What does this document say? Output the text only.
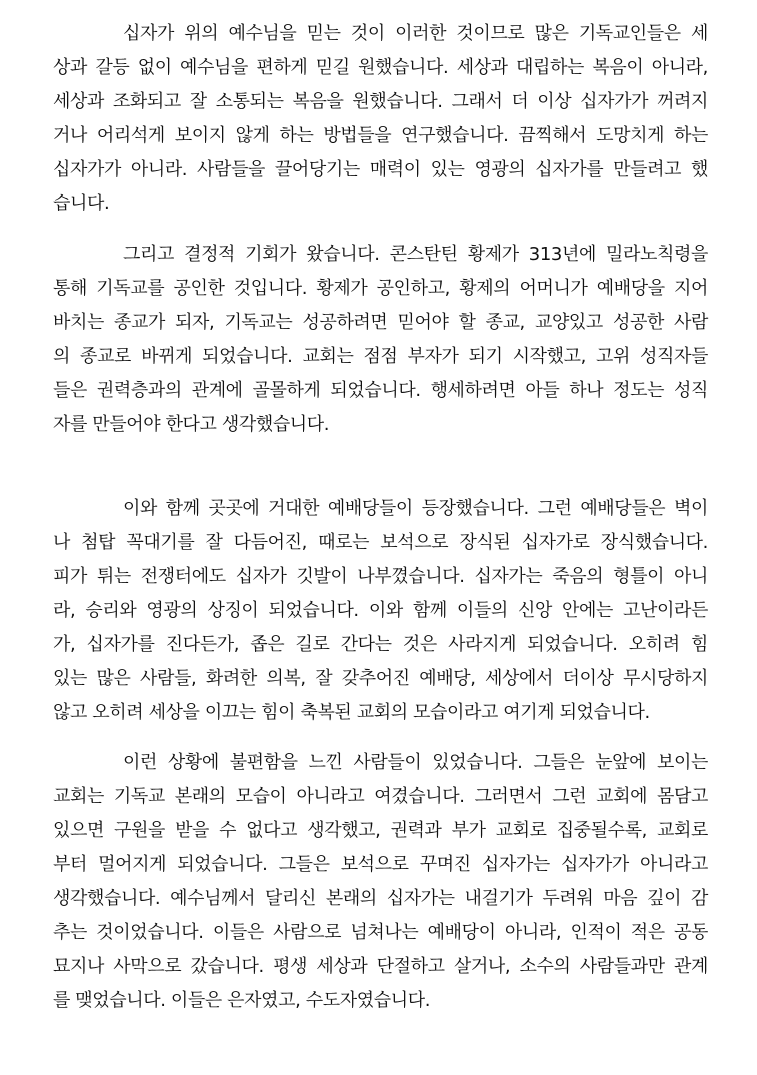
십자가 위의 예수님을 믿는 것이 이러한 것이므로 많은 기독교인들은 세
상과 갈등 없이 예수님을 편하게 믿길 원했습니다. 세상과 대립하는 복음이 아니라,
세상과 조화되고 잘 소통되는 복음을 원했습니다. 그래서 더 이상 십자가가 꺼려지
거나 어리석게 보이지 않게 하는 방법들을 연구했습니다. 끔찍해서 도망치게 하는
십자가가 아니라. 사람들을 끌어당기는 매력이 있는 영광의 십자가를 만들려고 했
습니다.
그리고 결정적 기회가 왔습니다. 콘스탄틴 황제가 313년에 밀라노칙령을
통해 기독교를 공인한 것입니다. 황제가 공인하고, 황제의 어머니가 예배당을 지어
바치는 종교가 되자, 기독교는 성공하려면 믿어야 할 종교, 교양있고 성공한 사람
의 종교로 바뀌게 되었습니다. 교회는 점점 부자가 되기 시작했고, 고위 성직자들
들은 권력층과의 관계에 골몰하게 되었습니다. 행세하려면 아들 하나 정도는 성직
자를 만들어야 한다고 생각했습니다.
이와 함께 곳곳에 거대한 예배당들이 등장했습니다. 그런 예배당들은 벽이
나 첨탑 꼭대기를 잘 다듬어진, 때로는 보석으로 장식된 십자가로 장식했습니다.
피가 튀는 전쟁터에도 십자가 깃발이 나부꼈습니다. 십자가는 죽음의 형틀이 아니
라, 승리와 영광의 상징이 되었습니다. 이와 함께 이들의 신앙 안에는 고난이라든
가, 십자가를 진다든가, 좁은 길로 간다는 것은 사라지게 되었습니다. 오히려 힘
있는 많은 사람들, 화려한 의복, 잘 갖추어진 예배당, 세상에서 더이상 무시당하지
않고 오히려 세상을 이끄는 힘이 축복된 교회의 모습이라고 여기게 되었습니다.
이런 상황에 불편함을 느낀 사람들이 있었습니다. 그들은 눈앞에 보이는
교회는 기독교 본래의 모습이 아니라고 여겼습니다. 그러면서 그런 교회에 몸담고
있으면 구원을 받을 수 없다고 생각했고, 권력과 부가 교회로 집중될수록, 교회로
부터 멀어지게 되었습니다. 그들은 보석으로 꾸며진 십자가는 십자가가 아니라고
생각했습니다. 예수님께서 달리신 본래의 십자가는 내걸기가 두려워 마음 깊이 감
추는 것이었습니다. 이들은 사람으로 넘쳐나는 예배당이 아니라, 인적이 적은 공동
묘지나 사막으로 갔습니다. 평생 세상과 단절하고 살거나, 소수의 사람들과만 관계
를 맺었습니다. 이들은 은자였고, 수도자였습니다.
